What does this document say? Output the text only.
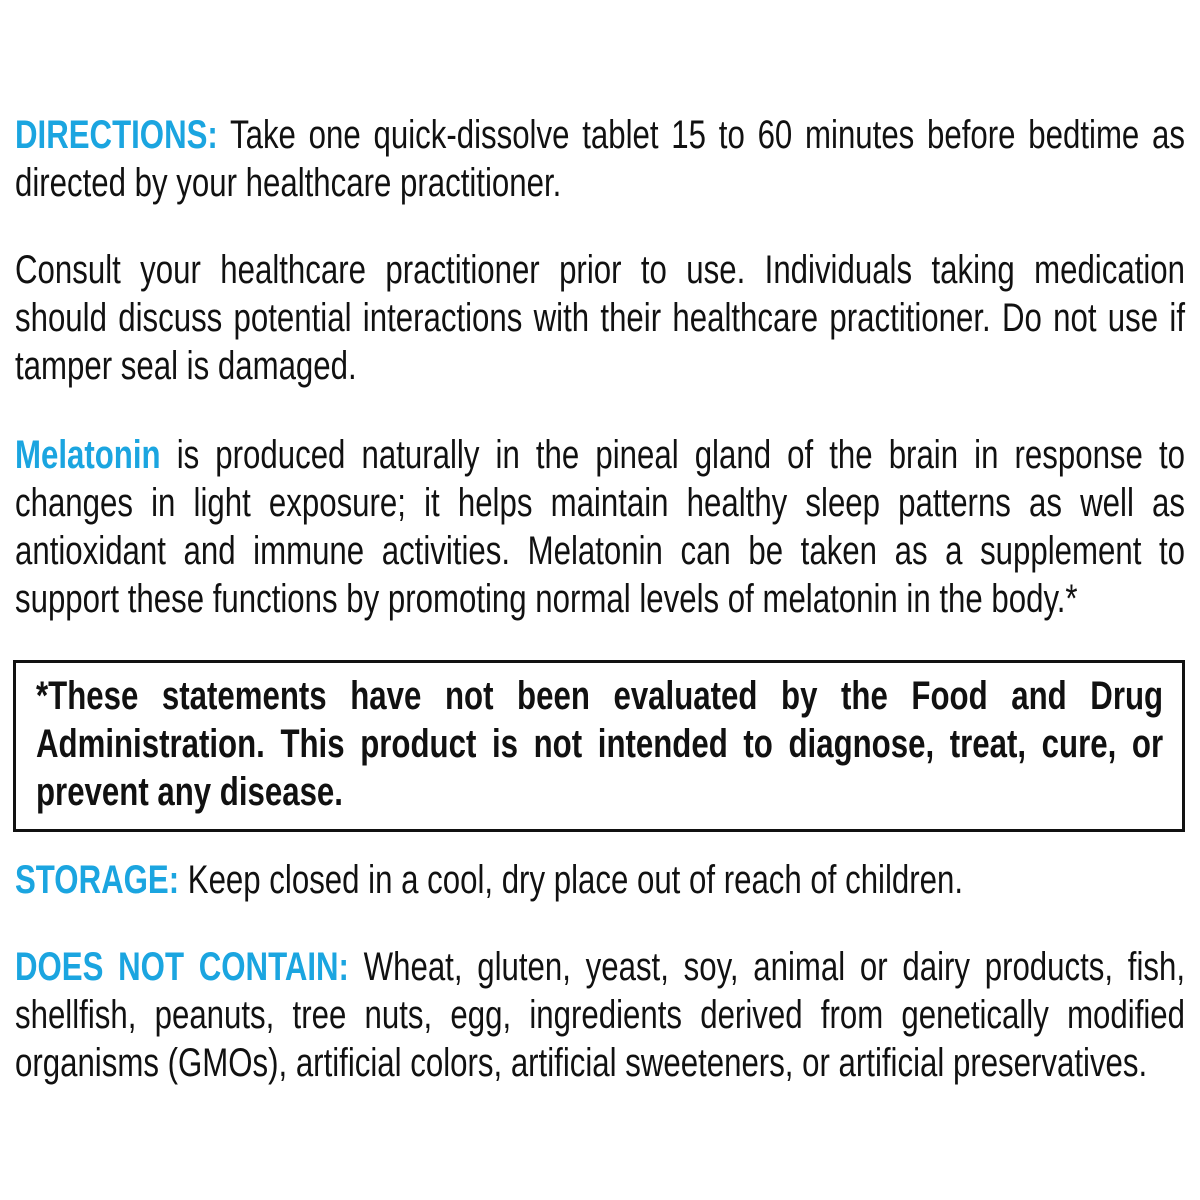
DIRECTIONS: Take one quick-dissolve tablet 15 to 60 minutes before bedtime as directed by your healthcare practitioner.

Consult your healthcare practitioner prior to use. Individuals taking medication should discuss potential interactions with their healthcare practitioner. Do not use if tamper seal is damaged.

Melatonin is produced naturally in the pineal gland of the brain in response to changes in light exposure; it helps maintain healthy sleep patterns as well as antioxidant and immune activities. Melatonin can be taken as a supplement to support these functions by promoting normal levels of melatonin in the body.*

*These statements have not been evaluated by the Food and Drug Administration. This product is not intended to diagnose, treat, cure, or prevent any disease.

STORAGE: Keep closed in a cool, dry place out of reach of children.

DOES NOT CONTAIN: Wheat, gluten, yeast, soy, animal or dairy products, fish, shellfish, peanuts, tree nuts, egg, ingredients derived from genetically modified organisms (GMOs), artificial colors, artificial sweeteners, or artificial preservatives.
